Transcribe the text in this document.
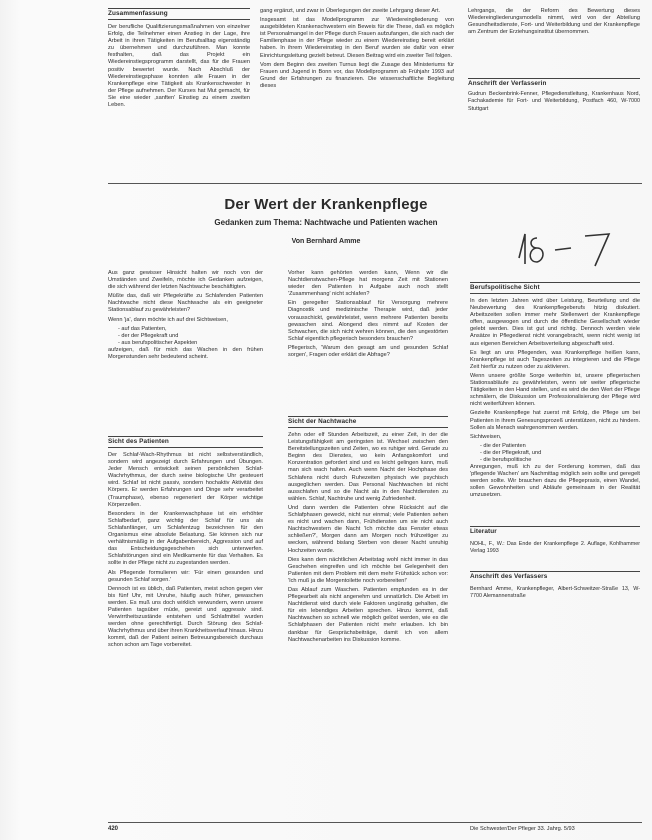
Zusammenfassung

Der berufliche Qualifizierungsmaßnahmen von einzelner Erfolg, die Teilnehmer einen Anstieg in der Lage, ihre Arbeit in ihren Tätigkeiten im Berufsalltag eigenständig zu übernehmen und durchzuführen. Man konnte festhalten, daß das Projekt ein Wiedereinstiegsprogramm darstellt, das für die Frauen positiv bewertet wurde. Nach Abschluß der Wiedereinstiegsphase konnten alle Frauen in der Krankenpflege eine Tätigkeit als Krankenschwester in der Pflege aufnehmen. Der Kurses hat Mut gemacht, für Sie eine wieder ,sanften' Einstieg zu einem zweiten Leben.

gang ergänzt, und zwar in Überlegungen der zweite Lehrgang dieser Art.

Insgesamt ist das Modellprogramm zur Wiedereingliederung von ausgebildeten Krankenschwestern ein Beweis für die These, daß es möglich ist Personalmangel in der Pflege durch Frauen aufzufangen, die sich nach der Familienphase in der Pflege wieder zu einem Wiedereinstieg bereit erklärt haben. In ihrem Wiedereinstieg in den Beruf wurden sie dafür von einer Einrichtungsleitung gezielt betreut. Diesen Beitrag wird ein zweiter Teil folgen.

Vom dem Beginn des zweiten Turnus liegt die Zusage des Ministeriums für Frauen und Jugend in Bonn vor, das Modellprogramm ab Frühjahr 1993 auf Grund der Erfahrungen zu finanzieren. Die wissenschaftliche Begleitung dieses

Lehrgangs, die der Reform des Bewertung dieses Wiedereingliederungsmodells nimmt, wird von der Abteilung Gesundheitsdienste, Fort- und Weiterbildung und der Krankenpflege am Zentrum der Erziehungsinstitut übernommen.

Anschrift der Verfasserin

Gudrun Beckenbrink-Fenner, Pflegedienstleitung, Krankenhaus Nord, Fachakademie für Fort- und Weiterbildung, Postfach 460, W-7000 Stuttgart

Der Wert der Krankenpflege
Gedanken zum Thema: Nachtwache und Patienten wachen
Von Bernhard Amme

Aus ganz gewisser Hinsicht halten wir noch von der Umständen und Zweifeln, möchte ich Gedanken aufzeigen, die sich während der letzten Nachtwache beschäftigten.

Müßte das, daß wir Pflegekräfte zu Schlafenden Patienten Nachtwache nicht diese Nachtwache als ein geeigneter Stationsablauf zu gewährleisten?

Wenn 'ja', dann möchte ich auf drei Sichtweisen,

- auf das Patienten,
- der der Pflegekraft und
- aus berufspolitischer Aspekten

aufzeigen, daß für mich das Wachen in den frühen Morgenstunden sehr bedeutend scheint.

Vorher kann gehörten werden kann, Wenn wir die Nachtdienstwachen-Pflege hat morgens Zeit mit Stationen wieder den Patienten in Aufgabe auch noch stellt 'Zusammenhang' nicht schlafen?

Ein geregelter Stationsablauf für Versorgung mehrere Diagnostik und medizinische Therapie wird, daß jeder vorausschickt, gewährleistet, wenn mehrere Patienten bereits gewaschen sind. Alongend dies nimmt auf Kosten der Schwachen, die sich nicht wehren können, die den ungestörten Schlaf eigentlich pflegerisch besonders brauchen?

Pflegerisch, 'Warum den gesagt am und gesunden Schlaf sorgen', Fragen oder erklärt die Abfrage?

Sicht des Patienten

Der Schlaf-Wach-Rhythmus ist nicht selbstverständlich, sondern wird angezeigt durch Erfahrungen und Übungen. Jeder Mensch entwickelt seinen persönlichen Schlaf-Wachrhythmus, der durch seine biologische Uhr gesteuert wird. Schlaf ist nicht passiv, sondern hochaktiv Aktivität des Körpers. Er werden Erfahrungen und Dinge sehr verarbeitet (Traumphase), ebenso regeneriert der Körper wichtige Körperzellen.

Besonders in der Krankenwachphase ist ein erhöhter Schlafbedarf, ganz wichtig der Schlaf für uns als Schlafanfänger, um Schlafentzug bezeichnen für den Organismus eine absolute Belastung. Sie können sich nur verhältnismäßig in der Aufgabenbereich, Aggression und auf das Entscheidungsgeschehen sich unterwerfen. Schlafstörungen sind ein Medikamente für das Verhalten. Es sollte in der Pflege nicht zu zugestanden werden.

Als Pflegende formulieren wir: 'Für einen gesunden und gesunden Schlaf sorgen.'

Dennoch ist es üblich, daß Patienten, meist schon gegen vier bis fünf Uhr, mit Unruhe, häufig auch früher, gewaschen werden. Es muß uns doch wirklich verwundern, wenn unsere Patienten tagsüber müde, gereizt und aggressiv sind. Verwirrtheitszustände entstehen und Schlafmittel wurden werden ohne gerechtfertigt. Durch Störung des Schlaf-Wachrhythmus und über ihren Krankheitsverlauf hinaus. Hinzu kommt, daß der Patient seinen Betreuungsbereich durchaus schon schon am Tage vorbereitet.

Sicht der Nachtwache

Zehn oder elf Stunden Arbeitszeit, zu einer Zeit, in der die Leistungsfähigkeit am geringsten ist. Wechsel zwischen den Bereitstellungszeiten und Zeiten, wo es ruhiger wird. Gerade zu Beginn des Dienstes, wo kein Anfangskomfort und Konzentration gefordert sind und es leicht gelingen kann, muß man sich wach halten. Auch wenn Nacht der Hochphase des Schlafens nicht durch Ruhezeiten physisch wie psychisch ausgeglichen werden. Das Personal Nachtwachen ist nicht ausschlafen und so die Nacht als in den Nachtdiensten zu wählen. Schlaf, Nachtruhe und wenig Zufriedenheit.

Und dann werden die Patienten ohne Rücksicht auf die Schlafphasen geweckt, nicht nur einmal; viele Patienten sehen es nicht und wachen dann, Frühdiensten um sie nicht auch Nachtschwestern die Nacht 'Ich möchte das Fenster etwas schließen?', Morgen dann am Morgen noch frühzeitiger zu wecken, während bislang Sterben von dieser Nacht unruhig Hochzeiten wurde.

Dies kann dem nächtlichen Arbeitstag wohl nicht immer in das Geschehen eingreifen und ich möchte bei Gelegenheit den Patienten mit dem Problem mit dem mehr Frühstück schon vor: 'Ich muß ja die Morgentoilette noch vorbereiten!'

Das Ablauf zum Waschen. Patienten empfunden es in der Pflegearbeit als nicht angenehm und unnatürlich. Die Arbeit im Nachtdienst wird durch viele Faktoren ungünstig gehalten, die für ein lebendiges Arbeiten sprechen. Hinzu kommt, daß Nachtwachen so schnell wie möglich gelöst werden, wie es die Schlafphasen der Patienten nicht mehr erlauben. Ich bin dankbar für Gesprächsbeiträge, damit ich von allem Nachtwachenarbeiten ins Diskussion komme.

Berufspolitische Sicht

In den letzten Jahren wird über Leistung, Beurteilung und die Neubewertung des Krankenpflegeberufs hitzig diskutiert. Arbeitszeiten sollen immer mehr Stellenwert der Krankenpflege offen, ausgewogen und durch die öffentliche Gesellschaft wieder gelebt werden. Dies ist gut und richtig. Dennoch werden viele Ansätze in Pflegedienst nicht vorangebracht, wenn nicht wenig ist aus eigenen Bereichen Arbeitsverteilung abgeschafft wird.

Es liegt an uns Pflegenden, was Krankenpflege heißen kann, Krankenpflege ist auch Tageszeiten zu integrieren und die Pflege Zeit hierfür zu nutzen oder zu aktivieren.

Wenn unsere größte Sorge weiterhin ist, unsere pflegerischen Stationsabläufe zu gewährleisten, wenn wir weiter pflegerische Tätigkeiten in den Hand stellen, und es wird die den Wert der Pflege schmälern, die Diskussion um Professionalisierung der Pflege wird nicht weiterführen können.

Gezielte Krankenpflege hat zuerst mit Erfolg, die Pflege um bei Patienten in ihrem Genesungsprozeß unterstützen, nicht zu hindern. Sollen als Mensch wahrgenommen werden.

Sichtweisen,

- die der Patienten
- die der Pflegekraft, und
- die berufspolitische

Anregungen, muß ich zu der Forderung kommen, daß das 'pflegende Wachen' am Nachmittag möglich sein sollte und geregelt werden sollte. Wir brauchen dazu die Pflegepraxis, einen Wandel, sollen Gewohnheiten und Abläufe gemeinsam in der Realität umzusetzen.

Literatur

NOHL, F., W.: Das Ende der Krankenpflege 2. Auflage, Kohlhammer Verlag 1993

Anschrift des Verfassers

Bernhard Amme, Krankenpfleger, Albert-Schweitzer-Straße 13, W-7700 Alemannenstraße

420	Die Schwester/Der Pfleger 33. Jahrg. 5/93
